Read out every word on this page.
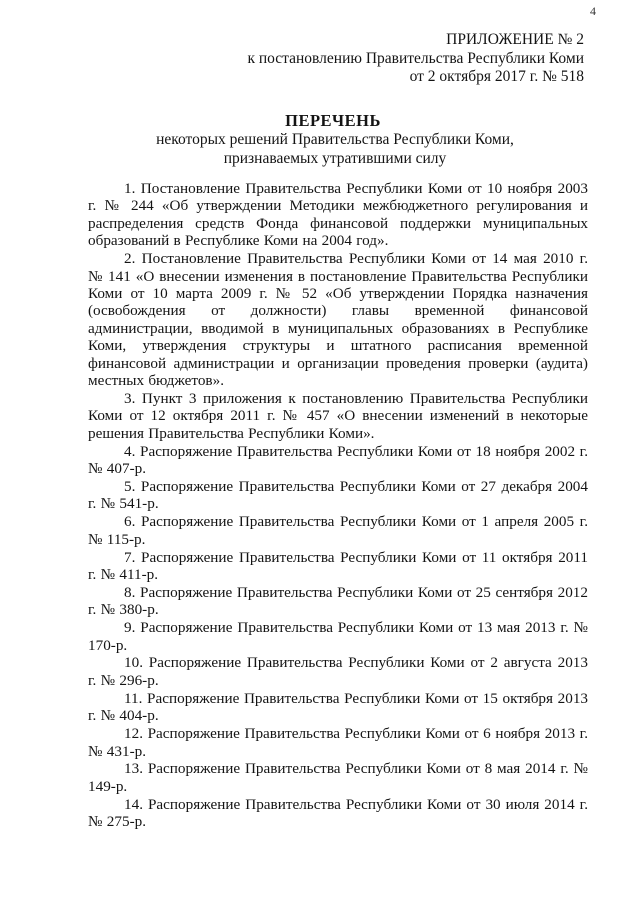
4
ПРИЛОЖЕНИЕ № 2
к постановлению Правительства Республики Коми
от 2 октября 2017 г. № 518
ПЕРЕЧЕНЬ
некоторых решений Правительства Республики Коми,
признаваемых утратившими силу

1. Постановление Правительства Республики Коми от 10 ноября 2003 г. № 244 «Об утверждении Методики межбюджетного регулирования и распределения средств Фонда финансовой поддержки муниципальных образований в Республике Коми на 2004 год».

2. Постановление Правительства Республики Коми от 14 мая 2010 г. № 141 «О внесении изменения в постановление Правительства Республики Коми от 10 марта 2009 г. № 52 «Об утверждении Порядка назначения (освобождения от должности) главы временной финансовой администрации, вводимой в муниципальных образованиях в Республике Коми, утверждения структуры и штатного расписания временной финансовой администрации и организации проведения проверки (аудита) местных бюджетов».

3. Пункт 3 приложения к постановлению Правительства Республики Коми от 12 октября 2011 г. № 457 «О внесении изменений в некоторые решения Правительства Республики Коми».

4. Распоряжение Правительства Республики Коми от 18 ноября 2002 г. № 407-р.

5. Распоряжение Правительства Республики Коми от 27 декабря 2004 г. № 541-р.

6. Распоряжение Правительства Республики Коми от 1 апреля 2005 г. № 115-р.

7. Распоряжение Правительства Республики Коми от 11 октября 2011 г. № 411-р.

8. Распоряжение Правительства Республики Коми от 25 сентября 2012 г. № 380-р.

9. Распоряжение Правительства Республики Коми от 13 мая 2013 г. № 170-р.

10. Распоряжение Правительства Республики Коми от 2 августа 2013 г. № 296-р.

11. Распоряжение Правительства Республики Коми от 15 октября 2013 г. № 404-р.

12. Распоряжение Правительства Республики Коми от 6 ноября 2013 г. № 431-р.

13. Распоряжение Правительства Республики Коми от 8 мая 2014 г. № 149-р.

14. Распоряжение Правительства Республики Коми от 30 июля 2014 г. № 275-р.
